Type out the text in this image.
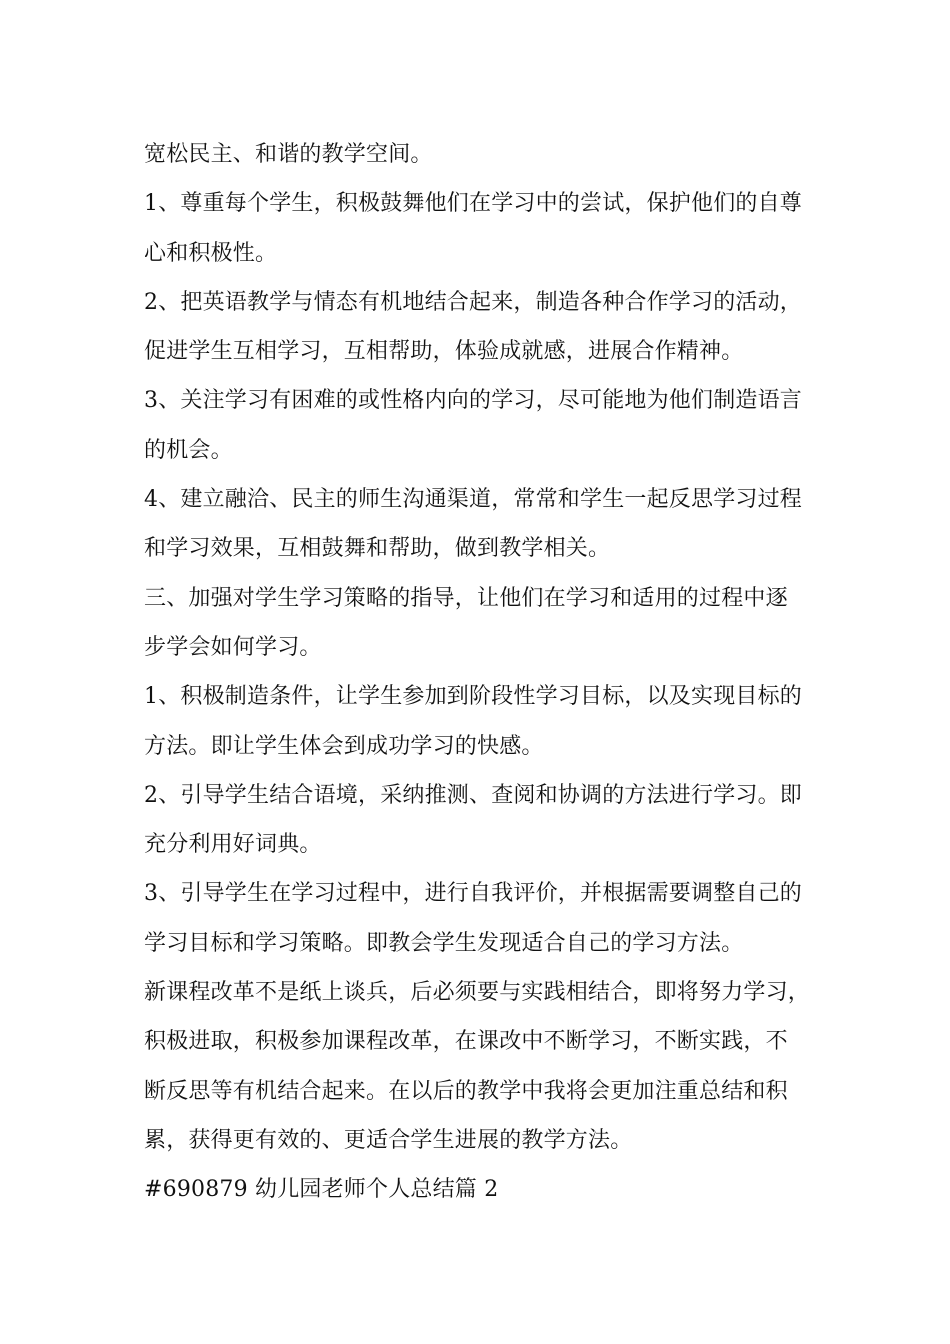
宽松民主、和谐的教学空间。
1、尊重每个学生，积极鼓舞他们在学习中的尝试，保护他们的自尊
心和积极性。
2、把英语教学与情态有机地结合起来，制造各种合作学习的活动，
促进学生互相学习，互相帮助，体验成就感，进展合作精神。
3、关注学习有困难的或性格内向的学习，尽可能地为他们制造语言
的机会。
4、建立融洽、民主的师生沟通渠道，常常和学生一起反思学习过程
和学习效果，互相鼓舞和帮助，做到教学相关。
三、加强对学生学习策略的指导，让他们在学习和适用的过程中逐
步学会如何学习。
1、积极制造条件，让学生参加到阶段性学习目标，以及实现目标的
方法。即让学生体会到成功学习的快感。
2、引导学生结合语境，采纳推测、查阅和协调的方法进行学习。即
充分利用好词典。
3、引导学生在学习过程中，进行自我评价，并根据需要调整自己的
学习目标和学习策略。即教会学生发现适合自己的学习方法。
新课程改革不是纸上谈兵，后必须要与实践相结合，即将努力学习，
积极进取，积极参加课程改革，在课改中不断学习，不断实践，不
断反思等有机结合起来。在以后的教学中我将会更加注重总结和积
累，获得更有效的、更适合学生进展的教学方法。
#690879 幼儿园老师个人总结篇 2
